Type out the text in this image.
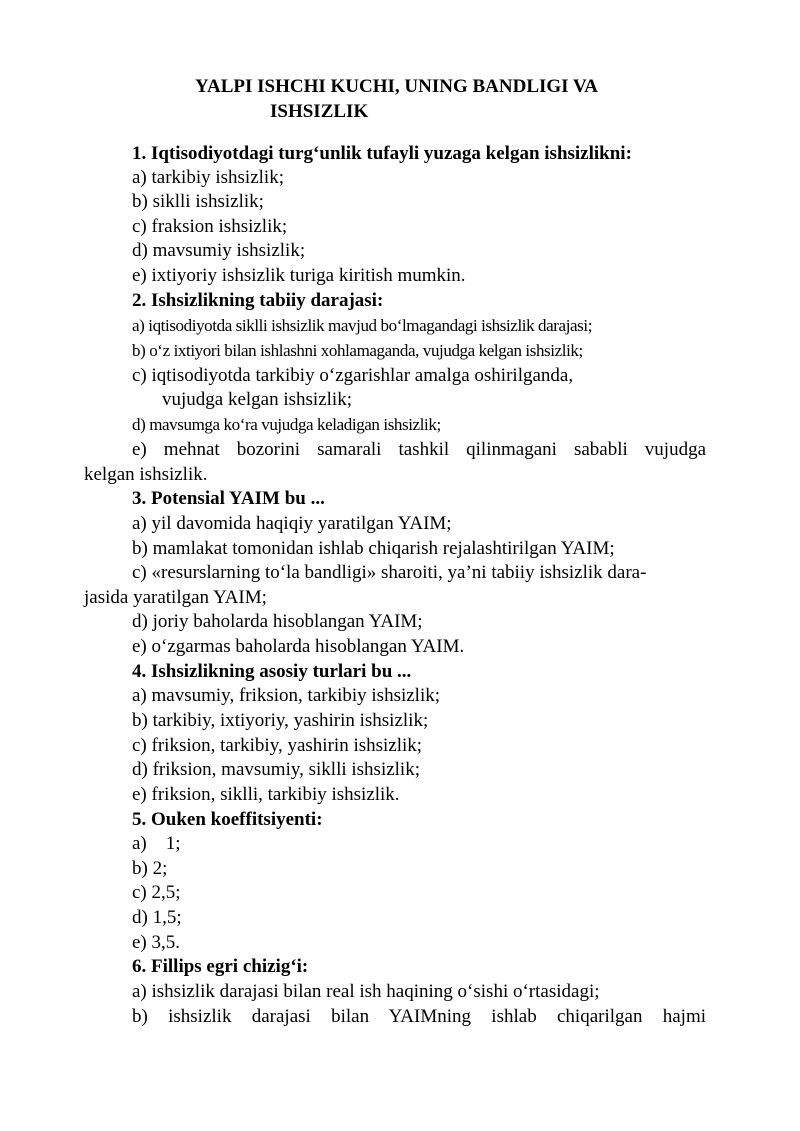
YALPI ISHCHI KUCHI, UNING BANDLIGI VA
ISHSIZLIK
1. Iqtisodiyotdagi turg‘unlik tufayli yuzaga kelgan ishsizlikni:
a) tarkibiy ishsizlik;
b) siklli ishsizlik;
c) fraksion ishsizlik;
d) mavsumiy ishsizlik;
e) ixtiyoriy ishsizlik turiga kiritish mumkin.
2. Ishsizlikning tabiiy darajasi:
a) iqtisodiyotda siklli ishsizlik mavjud bo‘lmagandagi ishsizlik darajasi;
b) o‘z ixtiyori bilan ishlashni xohlamaganda, vujudga kelgan ishsizlik;
c) iqtisodiyotda tarkibiy o‘zgarishlar amalga oshirilganda,
vujudga kelgan ishsizlik;
d) mavsumga ko‘ra vujudga keladigan ishsizlik;
e) mehnat bozorini samarali tashkil qilinmagani sababli vujudga
kelgan ishsizlik.
3. Potensial YAIM bu ...
a) yil davomida haqiqiy yaratilgan YAIM;
b) mamlakat tomonidan ishlab chiqarish rejalashtirilgan YAIM;
c) «resurslarning to‘la bandligi» sharoiti, ya’ni tabiiy ishsizlik dara-
jasida yaratilgan YAIM;
d) joriy baholarda hisoblangan YAIM;
e) o‘zgarmas baholarda hisoblangan YAIM.
4. Ishsizlikning asosiy turlari bu ...
a) mavsumiy, friksion, tarkibiy ishsizlik;
b) tarkibiy, ixtiyoriy, yashirin ishsizlik;
c) friksion, tarkibiy, yashirin ishsizlik;
d) friksion, mavsumiy, siklli ishsizlik;
e) friksion, siklli, tarkibiy ishsizlik.
5. Ouken koeffitsiyenti:
a)    1;
b) 2;
c) 2,5;
d) 1,5;
e) 3,5.
6. Fillips egri chizig‘i:
a) ishsizlik darajasi bilan real ish haqining o‘sishi o‘rtasidagi;
b) ishsizlik darajasi bilan YAIMning ishlab chiqarilgan hajmi
